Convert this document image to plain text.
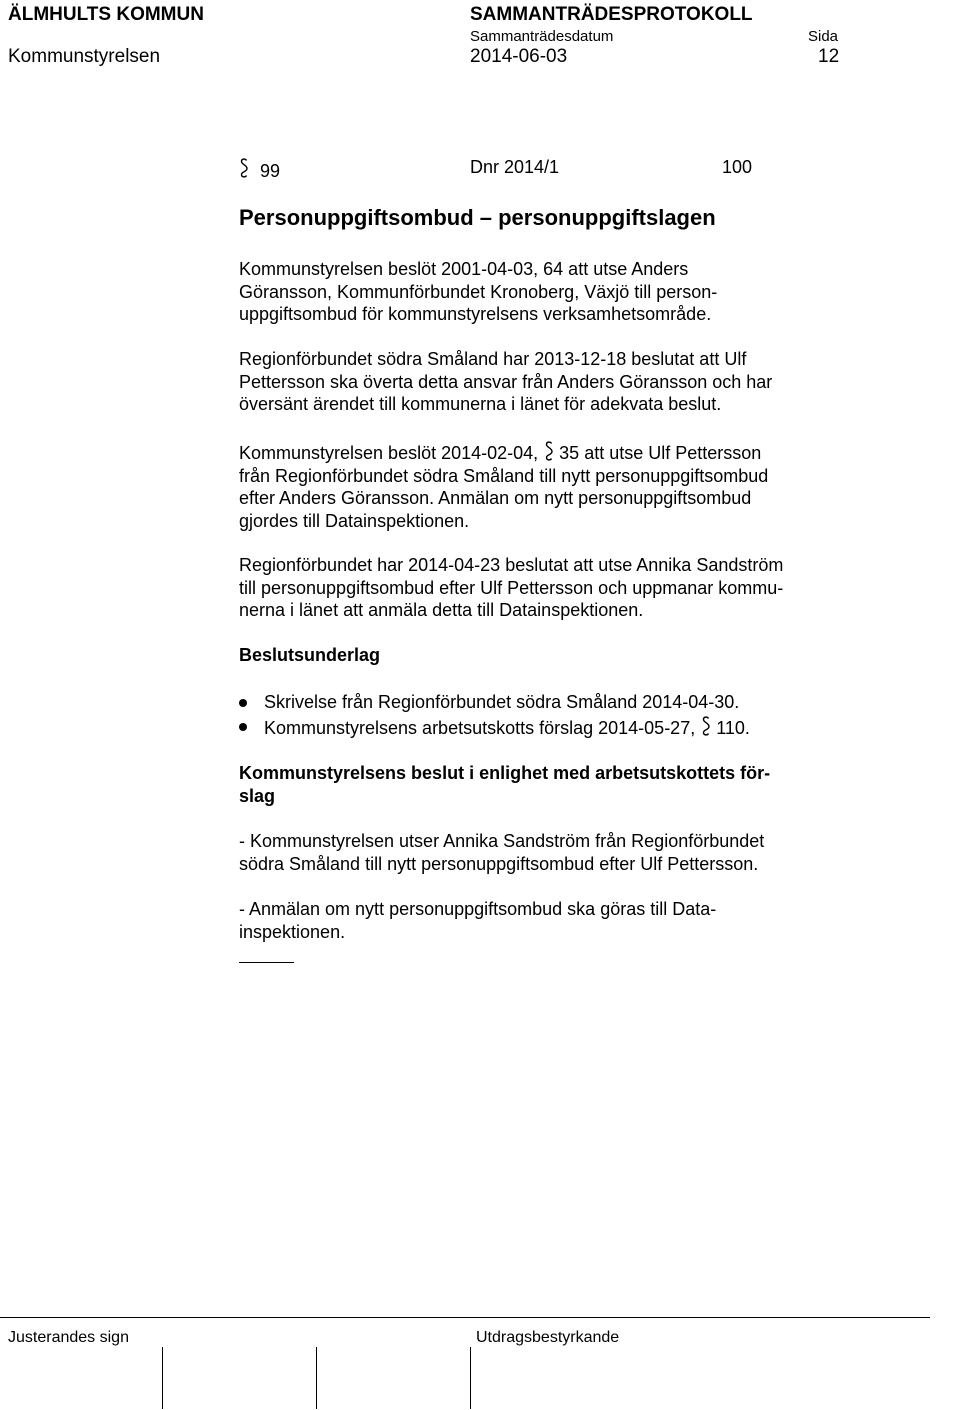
ÄLMHULTS KOMMUN	SAMMANTRÄDESPROTOKOLL
Sammanträdesdatum	Sida
Kommunstyrelsen	2014-06-03	12
99	Dnr 2014/1	100
Personuppgiftsombud – personuppgiftslagen
Kommunstyrelsen beslöt 2001-04-03, 64 att utse Anders
Göransson, Kommunförbundet Kronoberg, Växjö till person-
uppgiftsombud för kommunstyrelsens verksamhetsområde.
Regionförbundet södra Småland har 2013-12-18 beslutat att Ulf
Pettersson ska överta detta ansvar från Anders Göransson och har
översänt ärendet till kommunerna i länet för adekvata beslut.
Kommunstyrelsen beslöt 2014-02-04,
35 att utse Ulf Pettersson
från Regionförbundet södra Småland till nytt personuppgiftsombud
efter Anders Göransson. Anmälan om nytt personuppgiftsombud
gjordes till Datainspektionen.
Regionförbundet har 2014-04-23 beslutat att utse Annika Sandström
till personuppgiftsombud efter Ulf Pettersson och uppmanar kommu-
nerna i länet att anmäla detta till Datainspektionen.
Beslutsunderlag
Skrivelse från Regionförbundet södra Småland 2014-04-30.
Kommunstyrelsens arbetsutskotts förslag 2014-05-27,
110.
Kommunstyrelsens beslut i enlighet med arbetsutskottets för-
slag
- Kommunstyrelsen utser Annika Sandström från Regionförbundet
södra Småland till nytt personuppgiftsombud efter Ulf Pettersson.
- Anmälan om nytt personuppgiftsombud ska göras till Data-
inspektionen.
Justerandes sign	Utdragsbestyrkande
